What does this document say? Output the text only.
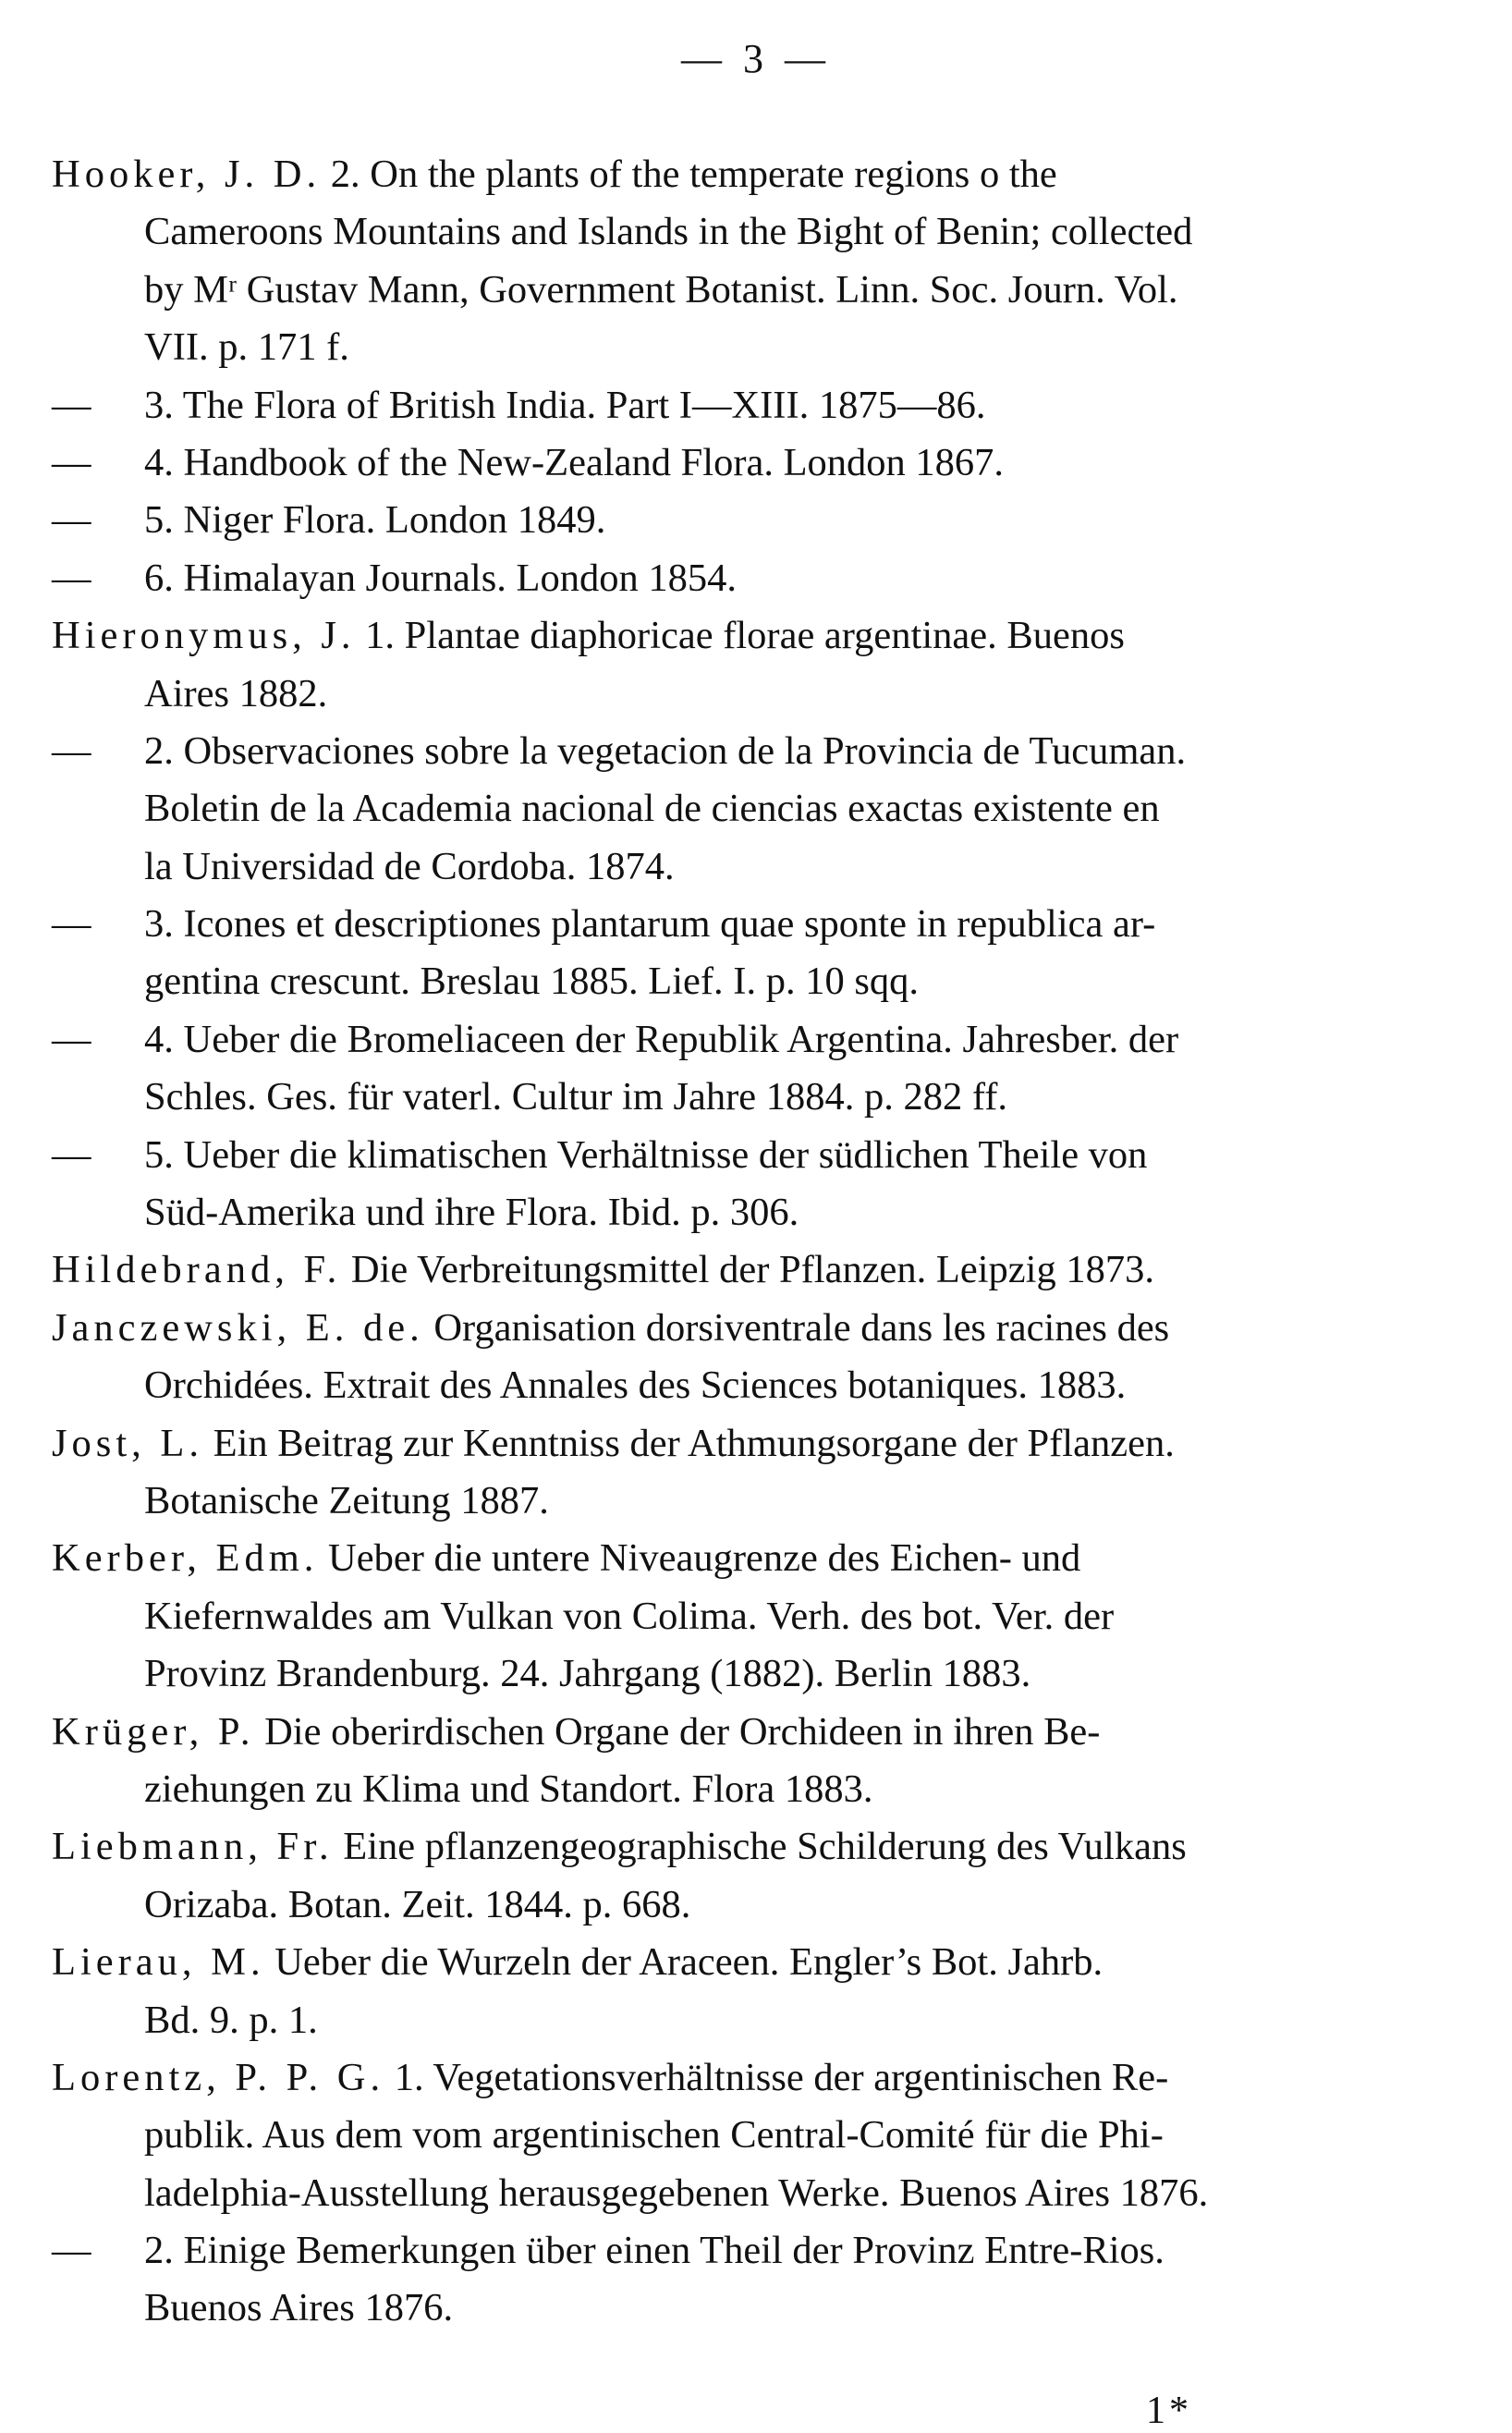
— 3 —
Hooker, J. D. 2. On the plants of the temperate regions o the
Cameroons Mountains and Islands in the Bight of Benin; collected
by Mʳ Gustav Mann, Government Botanist. Linn. Soc. Journ. Vol.
VII. p. 171 f.
—3. The Flora of British India. Part I—XIII. 1875—86.
—4. Handbook of the New-Zealand Flora. London 1867.
—5. Niger Flora. London 1849.
—6. Himalayan Journals. London 1854.
Hieronymus, J. 1. Plantae diaphoricae florae argentinae. Buenos
Aires 1882.
—2. Observaciones sobre la vegetacion de la Provincia de Tucuman.
Boletin de la Academia nacional de ciencias exactas existente en
la Universidad de Cordoba. 1874.
—3. Icones et descriptiones plantarum quae sponte in republica ar-
gentina crescunt. Breslau 1885. Lief. I. p. 10 sqq.
—4. Ueber die Bromeliaceen der Republik Argentina. Jahresber. der
Schles. Ges. für vaterl. Cultur im Jahre 1884. p. 282 ff.
—5. Ueber die klimatischen Verhältnisse der südlichen Theile von
Süd-Amerika und ihre Flora. Ibid. p. 306.
Hildebrand, F. Die Verbreitungsmittel der Pflanzen. Leipzig 1873.
Janczewski, E. de. Organisation dorsiventrale dans les racines des
Orchidées. Extrait des Annales des Sciences botaniques. 1883.
Jost, L. Ein Beitrag zur Kenntniss der Athmungsorgane der Pflanzen.
Botanische Zeitung 1887.
Kerber, Edm. Ueber die untere Niveaugrenze des Eichen- und
Kiefernwaldes am Vulkan von Colima. Verh. des bot. Ver. der
Provinz Brandenburg. 24. Jahrgang (1882). Berlin 1883.
Krüger, P. Die oberirdischen Organe der Orchideen in ihren Be-
ziehungen zu Klima und Standort. Flora 1883.
Liebmann, Fr. Eine pflanzengeographische Schilderung des Vulkans
Orizaba. Botan. Zeit. 1844. p. 668.
Lierau, M. Ueber die Wurzeln der Araceen. Engler’s Bot. Jahrb.
Bd. 9. p. 1.
Lorentz, P. P. G. 1. Vegetationsverhältnisse der argentinischen Re-
publik. Aus dem vom argentinischen Central-Comité für die Phi-
ladelphia-Ausstellung herausgegebenen Werke. Buenos Aires 1876.
—2. Einige Bemerkungen über einen Theil der Provinz Entre-Rios.
Buenos Aires 1876.
1*
